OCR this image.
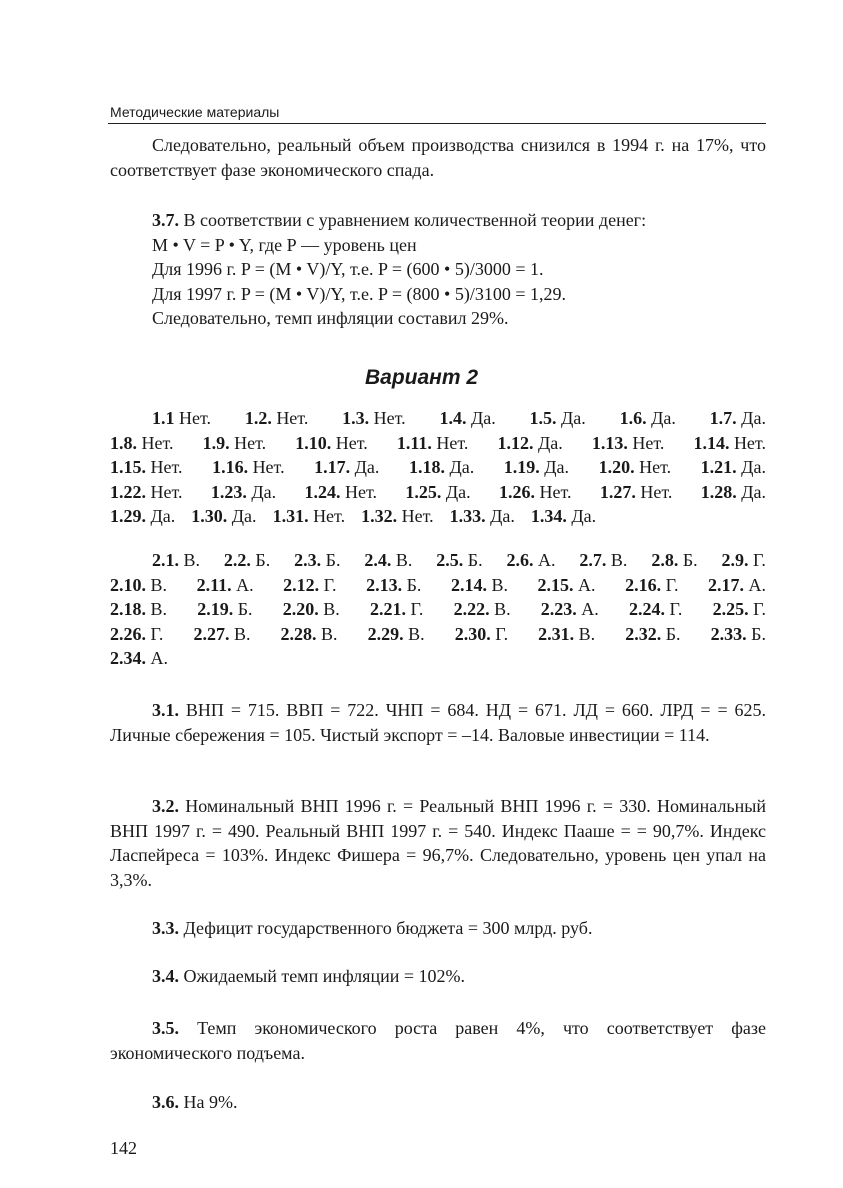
Методические материалы

Следовательно, реальный объем производства снизился в 1994 г. на 17%, что соответствует фазе экономического спада.

3.7. В соответствии с уравнением количественной теории денег:
M • V = P • Y, где Р — уровень цен
Для 1996 г. P = (M • V)/Y, т.е. P = (600 • 5)/3000 = 1.
Для 1997 г. P = (M • V)/Y, т.е. P = (800 • 5)/3100 = 1,29.
Следовательно, темп инфляции составил 29%.
Вариант 2
1.1 Нет. 1.2. Нет. 1.3. Нет. 1.4. Да. 1.5. Да. 1.6. Да. 1.7. Да.
1.8. Нет. 1.9. Нет. 1.10. Нет. 1.11. Нет. 1.12. Да. 1.13. Нет. 1.14. Нет.
1.15. Нет. 1.16. Нет. 1.17. Да. 1.18. Да. 1.19. Да. 1.20. Нет. 1.21. Да.
1.22. Нет. 1.23. Да. 1.24. Нет. 1.25. Да. 1.26. Нет. 1.27. Нет. 1.28. Да.
1.29. Да. 1.30. Да. 1.31. Нет. 1.32. Нет. 1.33. Да. 1.34. Да.
2.1. В. 2.2. Б. 2.3. Б. 2.4. В. 2.5. Б. 2.6. А. 2.7. В. 2.8. Б. 2.9. Г.
2.10. В. 2.11. А. 2.12. Г. 2.13. Б. 2.14. В. 2.15. А. 2.16. Г. 2.17. А.
2.18. В. 2.19. Б. 2.20. В. 2.21. Г. 2.22. В. 2.23. А. 2.24. Г. 2.25. Г.
2.26. Г. 2.27. В. 2.28. В. 2.29. В. 2.30. Г. 2.31. В. 2.32. Б. 2.33. Б.
2.34. А.

3.1. ВНП = 715. ВВП = 722. ЧНП = 684. НД = 671. ЛД = 660. ЛРД = = 625. Личные сбережения = 105. Чистый экспорт = –14. Валовые инвестиции = 114.

3.2. Номинальный ВНП 1996 г. = Реальный ВНП 1996 г. = 330. Номинальный ВНП 1997 г. = 490. Реальный ВНП 1997 г. = 540. Индекс Пааше = = 90,7%. Индекс Ласпейреса = 103%. Индекс Фишера = 96,7%. Следовательно, уровень цен упал на 3,3%.

3.3. Дефицит государственного бюджета = 300 млрд. руб.

3.4. Ожидаемый темп инфляции = 102%.

3.5. Темп экономического роста равен 4%, что соответствует фазе экономического подъема.

3.6. На 9%.

142
